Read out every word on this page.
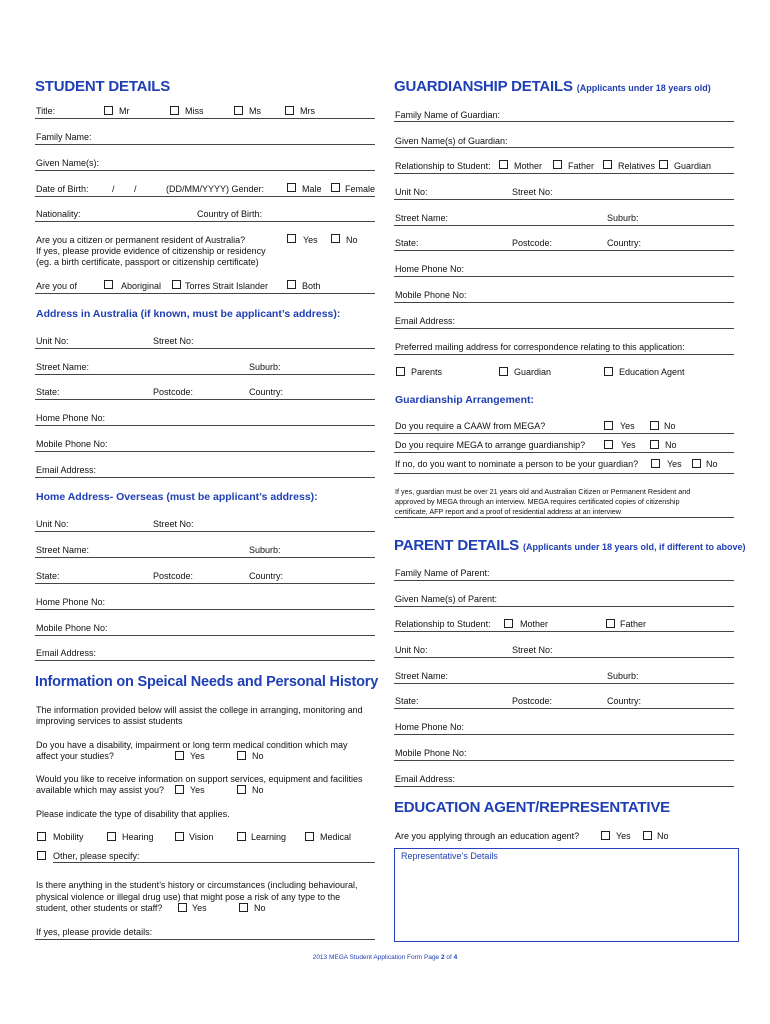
STUDENT DETAILS
Title:	Mr	Miss	Ms	Mrs
Family Name:
Given Name(s):
Date of Birth:	/ /	(DD/MM/YYYY) Gender:	Male	Female
Nationality:	Country of Birth:
Are you a citizen or permanent resident of Australia?	Yes	No
If yes, please provide evidence of citizenship or residency
(eg. a birth certificate, passport or citizenship certificate)
Are you of	Aboriginal	Torres Strait Islander	Both
Address in Australia (if known, must be applicant’s address):
Unit No:	Street No:
Street Name:	Suburb:
State:	Postcode:	Country:
Home Phone No:
Mobile Phone No:
Email Address:
Home Address- Overseas (must be applicant’s address):
Unit No:	Street No:
Street Name:	Suburb:
State:	Postcode:	Country:
Home Phone No:
Mobile Phone No:
Email Address:
Information on Speical Needs and Personal History
The information provided below will assist the college in arranging, monitoring and
improving services to assist students
Do you have a disability, impairment or long term medical condition which may
affect your studies?	Yes	No
Would you like to receive information on support services, equipment and facilities
available which may assist you?	Yes	No
Please indicate the type of disability that applies.
Mobility	Hearing	Vision	Learning	Medical
Other, please specify:
Is there anything in the student’s history or circumstances (including behavioural,
physical violence or illegal drug use) that might pose a risk of any type to the
student, other students or staff?	Yes	No
If yes, please provide details:
GUARDIANSHIP DETAILS (Applicants under 18 years old)
Family Name of Guardian:
Given Name(s) of Guardian:
Relationship to Student:	Mother	Father	Relatives Guardian
Unit No:	Street No:
Street Name:	Suburb:
State:	Postcode:	Country:
Home Phone No:
Mobile Phone No:
Email Address:
Preferred mailing address for correspondence relating to this application:
Parents	Guardian	Education Agent
Guardianship Arrangement:
Do you require a CAAW from MEGA?	Yes	No
Do you require MEGA to arrange guardianship?	Yes	No
If no, do you want to nominate a person to be your guardian?	Yes	No
If yes, guardian must be over 21 years old and Australian Citizen or Permanent Resident and
approved by MEGA through an interview. MEGA requires certificated copies of citizenship
certificate, AFP report and a proof of residential address at an interview
PARENT DETAILS (Applicants under 18 years old, if different to above)
Family Name of Parent:
Given Name(s) of Parent:
Relationship to Student:	Mother	Father
Unit No:	Street No:
Street Name:	Suburb:
State:	Postcode:	Country:
Home Phone No:
Mobile Phone No:
Email Address:
EDUCATION AGENT/REPRESENTATIVE
Are you applying through an education agent?	Yes	No
Representative’s Details
2013 MEGA Student Application Form Page 2 of 4
